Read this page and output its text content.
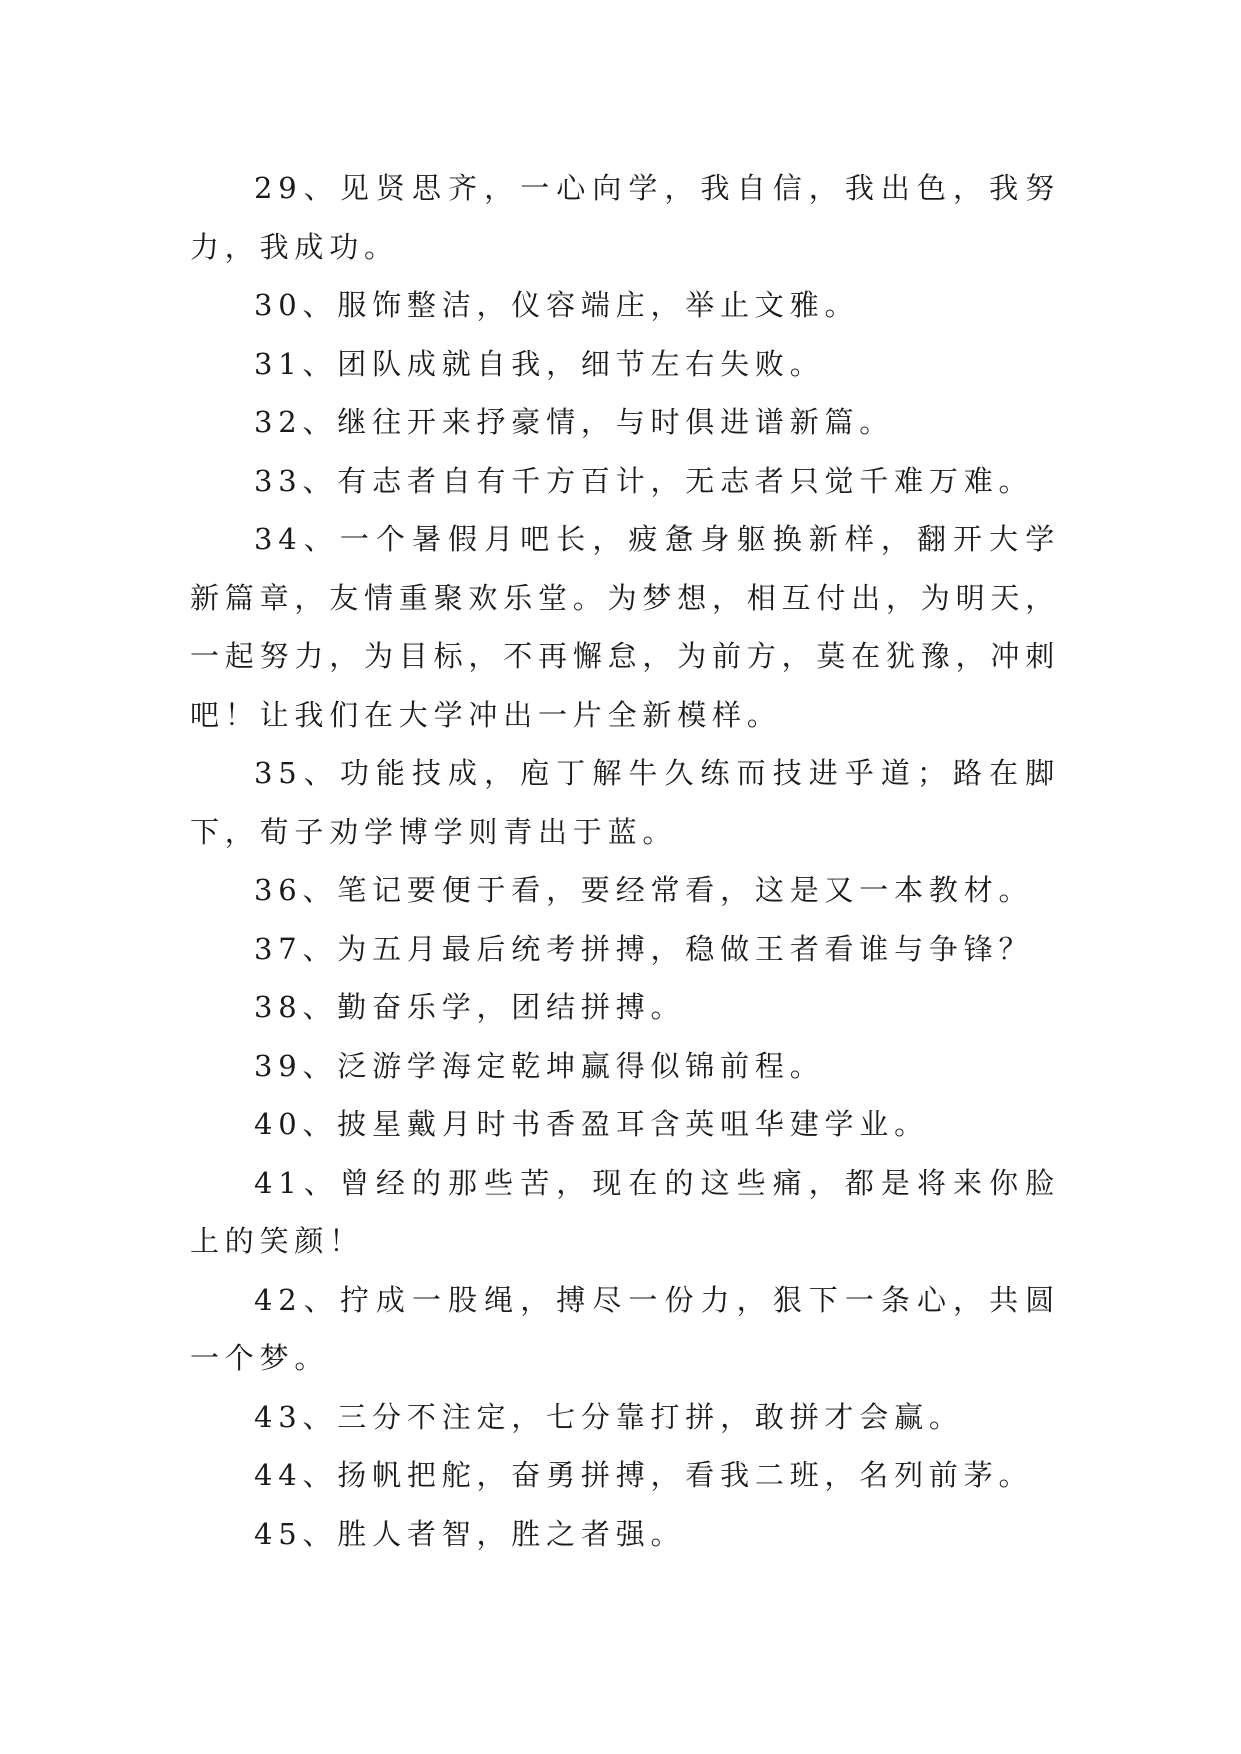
29、见贤思齐，一心向学，我自信，我出色，我努力，我成功。

30、服饰整洁，仪容端庄，举止文雅。

31、团队成就自我，细节左右失败。

32、继往开来抒豪情，与时俱进谱新篇。

33、有志者自有千方百计，无志者只觉千难万难。

34、一个暑假月吧长，疲惫身躯换新样，翻开大学新篇章，友情重聚欢乐堂。为梦想，相互付出，为明天，一起努力，为目标，不再懈怠，为前方，莫在犹豫，冲刺吧！让我们在大学冲出一片全新模样。

35、功能技成，庖丁解牛久练而技进乎道；路在脚下，荀子劝学博学则青出于蓝。

36、笔记要便于看，要经常看，这是又一本教材。

37、为五月最后统考拼搏，稳做王者看谁与争锋？

38、勤奋乐学，团结拼搏。

39、泛游学海定乾坤赢得似锦前程。

40、披星戴月时书香盈耳含英咀华建学业。

41、曾经的那些苦，现在的这些痛，都是将来你脸上的笑颜！

42、拧成一股绳，搏尽一份力，狠下一条心，共圆一个梦。

43、三分不注定，七分靠打拼，敢拼才会赢。

44、扬帆把舵，奋勇拼搏，看我二班，名列前茅。

45、胜人者智，胜之者强。
